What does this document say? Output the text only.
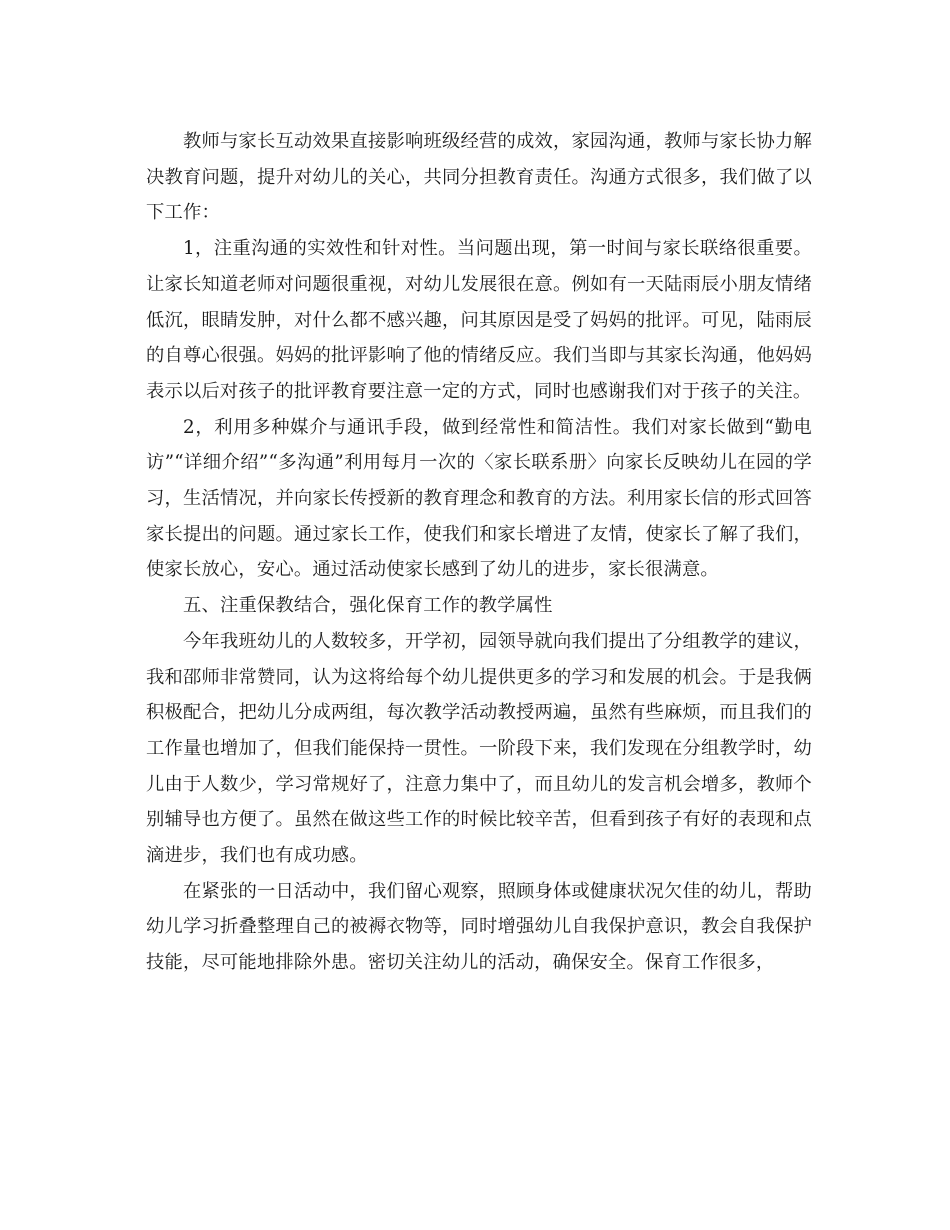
教师与家长互动效果直接影响班级经营的成效，家园沟通，教师与家长协力解决教育问题，提升对幼儿的关心，共同分担教育责任。沟通方式很多，我们做了以下工作：

1，注重沟通的实效性和针对性。当问题出现，第一时间与家长联络很重要。让家长知道老师对问题很重视，对幼儿发展很在意。例如有一天陆雨辰小朋友情绪低沉，眼睛发肿，对什么都不感兴趣，问其原因是受了妈妈的批评。可见，陆雨辰的自尊心很强。妈妈的批评影响了他的情绪反应。我们当即与其家长沟通，他妈妈表示以后对孩子的批评教育要注意一定的方式，同时也感谢我们对于孩子的关注。

2，利用多种媒介与通讯手段，做到经常性和简洁性。我们对家长做到“勤电访”“详细介绍”“多沟通”利用每月一次的〈家长联系册〉向家长反映幼儿在园的学习，生活情况，并向家长传授新的教育理念和教育的方法。利用家长信的形式回答家长提出的问题。通过家长工作，使我们和家长增进了友情，使家长了解了我们，使家长放心，安心。通过活动使家长感到了幼儿的进步，家长很满意。

五、注重保教结合，强化保育工作的教学属性

今年我班幼儿的人数较多，开学初，园领导就向我们提出了分组教学的建议，我和邵师非常赞同，认为这将给每个幼儿提供更多的学习和发展的机会。于是我俩积极配合，把幼儿分成两组，每次教学活动教授两遍，虽然有些麻烦，而且我们的工作量也增加了，但我们能保持一贯性。一阶段下来，我们发现在分组教学时，幼儿由于人数少，学习常规好了，注意力集中了，而且幼儿的发言机会增多，教师个别辅导也方便了。虽然在做这些工作的时候比较辛苦，但看到孩子有好的表现和点滴进步，我们也有成功感。

在紧张的一日活动中，我们留心观察，照顾身体或健康状况欠佳的幼儿，帮助幼儿学习折叠整理自己的被褥衣物等，同时增强幼儿自我保护意识，教会自我保护技能，尽可能地排除外患。密切关注幼儿的活动，确保安全。保育工作很多，
